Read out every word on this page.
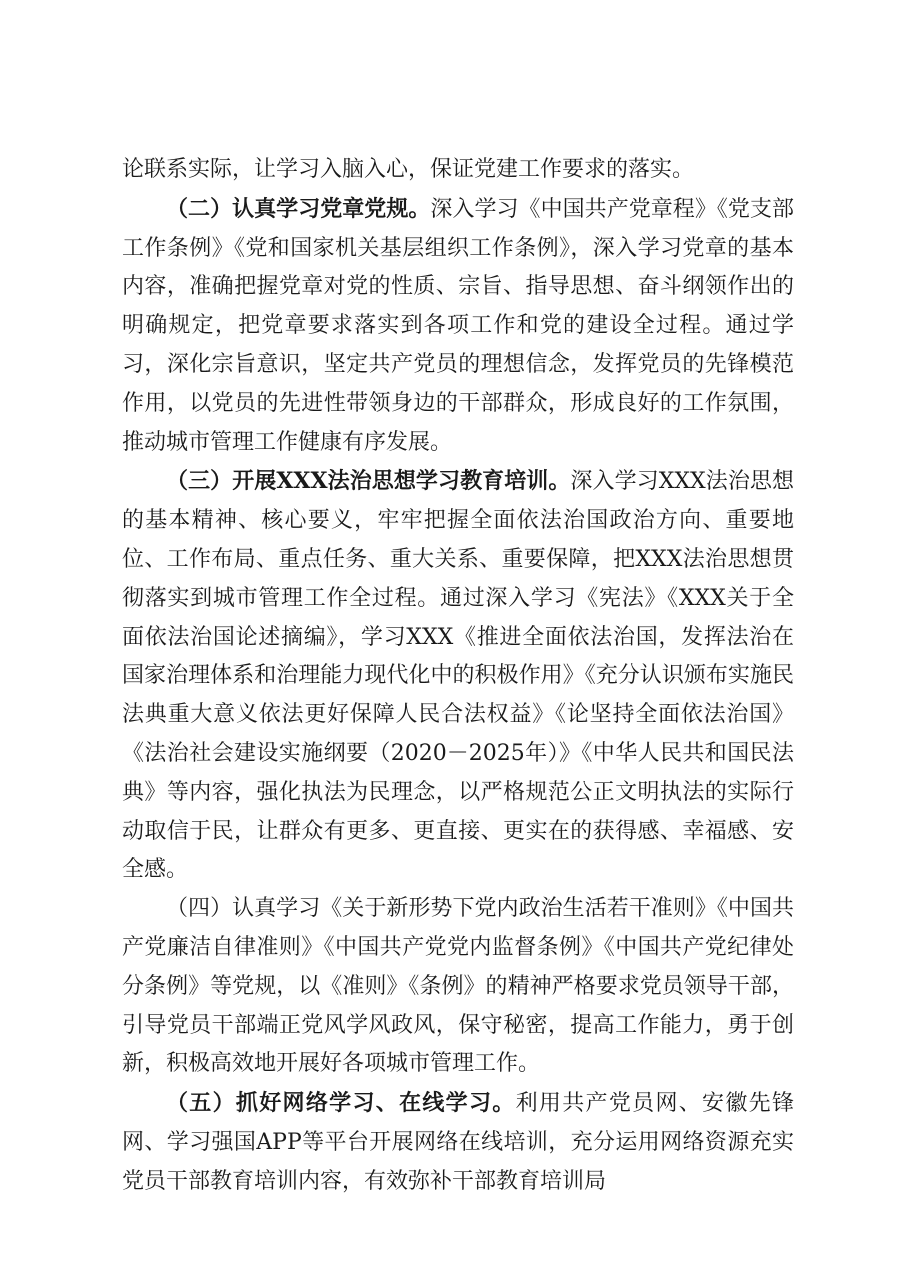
论联系实际，让学习入脑入心，保证党建工作要求的落实。

（二）认真学习党章党规。深入学习《中国共产党章程》《党支部工作条例》《党和国家机关基层组织工作条例》，深入学习党章的基本内容，准确把握党章对党的性质、宗旨、指导思想、奋斗纲领作出的明确规定，把党章要求落实到各项工作和党的建设全过程。通过学习，深化宗旨意识，坚定共产党员的理想信念，发挥党员的先锋模范作用，以党员的先进性带领身边的干部群众，形成良好的工作氛围，推动城市管理工作健康有序发展。

（三）开展XXX法治思想学习教育培训。深入学习XXX法治思想的基本精神、核心要义，牢牢把握全面依法治国政治方向、重要地位、工作布局、重点任务、重大关系、重要保障，把XXX法治思想贯彻落实到城市管理工作全过程。通过深入学习《宪法》《XXX关于全面依法治国论述摘编》，学习XXX《推进全面依法治国，发挥法治在国家治理体系和治理能力现代化中的积极作用》《充分认识颁布实施民法典重大意义依法更好保障人民合法权益》《论坚持全面依法治国》《法治社会建设实施纲要（2020－2025年）》《中华人民共和国民法典》等内容，强化执法为民理念，以严格规范公正文明执法的实际行动取信于民，让群众有更多、更直接、更实在的获得感、幸福感、安全感。

（四）认真学习《关于新形势下党内政治生活若干准则》《中国共产党廉洁自律准则》《中国共产党党内监督条例》《中国共产党纪律处分条例》等党规，以《准则》《条例》的精神严格要求党员领导干部，引导党员干部端正党风学风政风，保守秘密，提高工作能力，勇于创新，积极高效地开展好各项城市管理工作。

（五）抓好网络学习、在线学习。利用共产党员网、安徽先锋网、学习强国APP等平台开展网络在线培训，充分运用网络资源充实党员干部教育培训内容，有效弥补干部教育培训局
